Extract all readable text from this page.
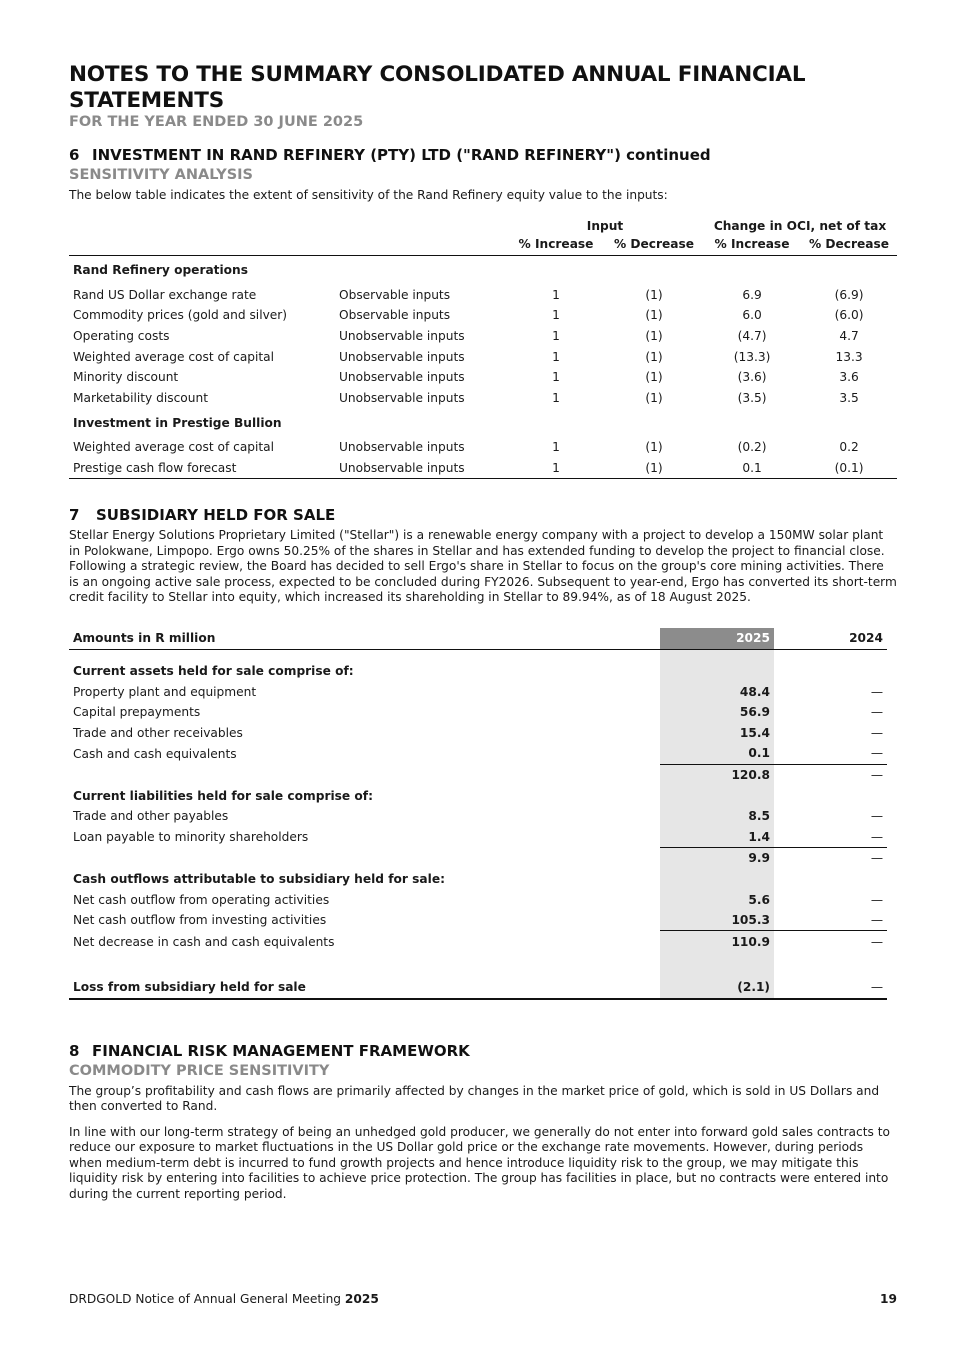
NOTES TO THE SUMMARY CONSOLIDATED ANNUAL FINANCIAL STATEMENTS

FOR THE YEAR ENDED 30 JUNE 2025

6 INVESTMENT IN RAND REFINERY (PTY) LTD ("RAND REFINERY") continued

SENSITIVITY ANALYSIS

The below table indicates the extent of sensitivity of the Rand Refinery equity value to the inputs:

		Input		Change in OCI, net of tax	
		% Increase	% Decrease	% Increase	% Decrease
Rand Refinery operations					
Rand US Dollar exchange rate	Observable inputs	1	(1)	6.9	(6.9)
Commodity prices (gold and silver)	Observable inputs	1	(1)	6.0	(6.0)
Operating costs	Unobservable inputs	1	(1)	(4.7)	4.7
Weighted average cost of capital	Unobservable inputs	1	(1)	(13.3)	13.3
Minority discount	Unobservable inputs	1	(1)	(3.6)	3.6
Marketability discount	Unobservable inputs	1	(1)	(3.5)	3.5
Investment in Prestige Bullion					
Weighted average cost of capital	Unobservable inputs	1	(1)	(0.2)	0.2
Prestige cash flow forecast	Unobservable inputs	1	(1)	0.1	(0.1)
7 SUBSIDIARY HELD FOR SALE

Stellar Energy Solutions Proprietary Limited ("Stellar") is a renewable energy company with a project to develop a 150MW solar plant in Polokwane, Limpopo. Ergo owns 50.25% of the shares in Stellar and has extended funding to develop the project to financial close. Following a strategic review, the Board has decided to sell Ergo's share in Stellar to focus on the group's core mining activities. There is an ongoing active sale process, expected to be concluded during FY2026. Subsequent to year-end, Ergo has converted its short-term credit facility to Stellar into equity, which increased its shareholding in Stellar to 89.94%, as of 18 August 2025.

Amounts in R million	2025	2024

Current assets held for sale comprise of:		
Property plant and equipment	48.4	—
Capital prepayments	56.9	—
Trade and other receivables	15.4	—
Cash and cash equivalents	0.1	—
	120.8	—
Current liabilities held for sale comprise of:		
Trade and other payables	8.5	—
Loan payable to minority shareholders	1.4	—
	9.9	—
Cash outflows attributable to subsidiary held for sale:		
Net cash outflow from operating activities	5.6	—
Net cash outflow from investing activities	105.3	—
Net decrease in cash and cash equivalents	110.9	—

Loss from subsidiary held for sale	(2.1)	—
8 FINANCIAL RISK MANAGEMENT FRAMEWORK

COMMODITY PRICE SENSITIVITY

The group’s profitability and cash flows are primarily affected by changes in the market price of gold, which is sold in US Dollars and then converted to Rand.

In line with our long-term strategy of being an unhedged gold producer, we generally do not enter into forward gold sales contracts to reduce our exposure to market fluctuations in the US Dollar gold price or the exchange rate movements. However, during periods when medium-term debt is incurred to fund growth projects and hence introduce liquidity risk to the group, we may mitigate this liquidity risk by entering into facilities to achieve price protection. The group has facilities in place, but no contracts were entered into during the current reporting period.

DRDGOLD Notice of Annual General Meeting 2025	19
